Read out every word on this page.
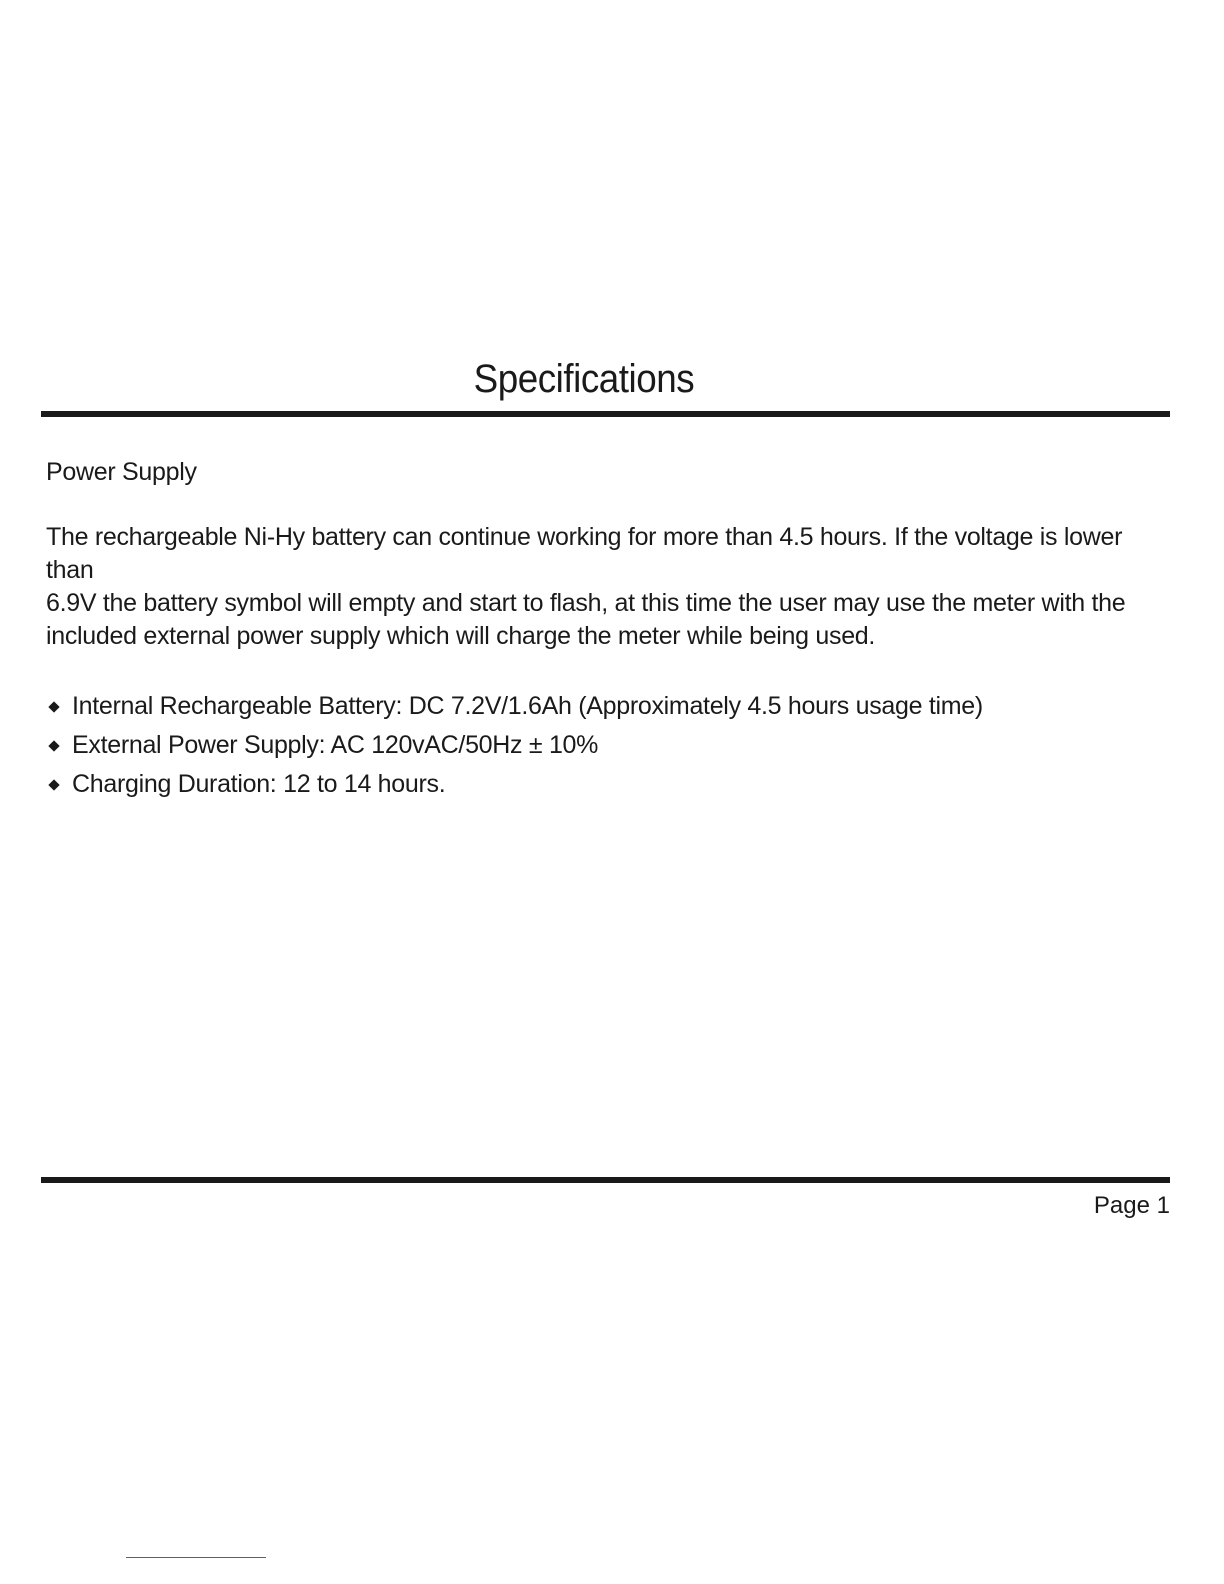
Specifications

Power Supply

The rechargeable Ni-Hy battery can continue working for more than 4.5 hours. If the voltage is lower than
6.9V the battery symbol will empty and start to flash, at this time the user may use the meter with the
included external power supply which will charge the meter while being used.

Internal Rechargeable Battery: DC 7.2V/1.6Ah (Approximately 4.5 hours usage time)
External Power Supply: AC 120vAC/50Hz ± 10%
Charging Duration: 12 to 14 hours.
Page 1
